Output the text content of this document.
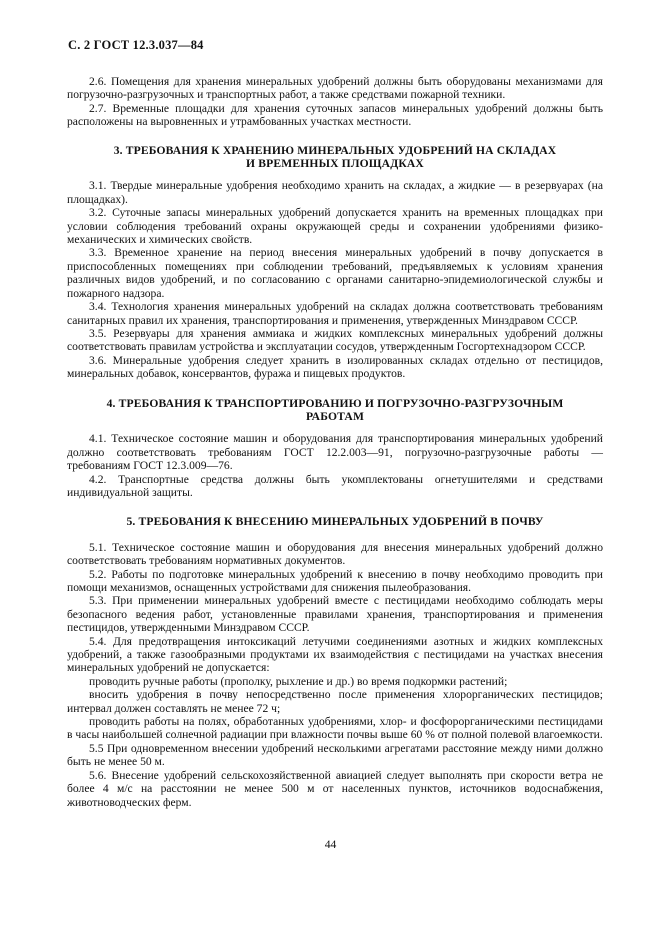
С. 2 ГОСТ 12.3.037—84

2.6. Помещения для хранения минеральных удобрений должны быть оборудованы механизмами для погрузочно-разгрузочных и транспортных работ, а также средствами пожарной техники.

2.7. Временные площадки для хранения суточных запасов минеральных удобрений должны быть расположены на выровненных и утрамбованных участках местности.

3. ТРЕБОВАНИЯ К ХРАНЕНИЮ МИНЕРАЛЬНЫХ УДОБРЕНИЙ НА СКЛАДАХ
И ВРЕМЕННЫХ ПЛОЩАДКАХ

3.1. Твердые минеральные удобрения необходимо хранить на складах, а жидкие — в резервуарах (на площадках).

3.2. Суточные запасы минеральных удобрений допускается хранить на временных площадках при условии соблюдения требований охраны окружающей среды и сохранении удобрениями физико-механических и химических свойств.

3.3. Временное хранение на период внесения минеральных удобрений в почву допускается в приспособленных помещениях при соблюдении требований, предъявляемых к условиям хранения различных видов удобрений, и по согласованию с органами санитарно-эпидемиологической службы и пожарного надзора.

3.4. Технология хранения минеральных удобрений на складах должна соответствовать требованиям санитарных правил их хранения, транспортирования и применения, утвержденных Минздравом СССР.

3.5. Резервуары для хранения аммиака и жидких комплексных минеральных удобрений должны соответствовать правилам устройства и эксплуатации сосудов, утвержденным Госгортехнадзором СССР.

3.6. Минеральные удобрения следует хранить в изолированных складах отдельно от пестицидов, минеральных добавок, консервантов, фуража и пищевых продуктов.

4. ТРЕБОВАНИЯ К ТРАНСПОРТИРОВАНИЮ И ПОГРУЗОЧНО-РАЗГРУЗОЧНЫМ
РАБОТАМ

4.1. Техническое состояние машин и оборудования для транспортирования минеральных удобрений должно соответствовать требованиям ГОСТ 12.2.003—91, погрузочно-разгрузочные работы — требованиям ГОСТ 12.3.009—76.

4.2. Транспортные средства должны быть укомплектованы огнетушителями и средствами индивидуальной защиты.

5. ТРЕБОВАНИЯ К ВНЕСЕНИЮ МИНЕРАЛЬНЫХ УДОБРЕНИЙ В ПОЧВУ

5.1. Техническое состояние машин и оборудования для внесения минеральных удобрений должно соответствовать требованиям нормативных документов.

5.2. Работы по подготовке минеральных удобрений к внесению в почву необходимо проводить при помощи механизмов, оснащенных устройствами для снижения пылеобразования.

5.3. При применении минеральных удобрений вместе с пестицидами необходимо соблюдать меры безопасного ведения работ, установленные правилами хранения, транспортирования и применения пестицидов, утвержденными Минздравом СССР.

5.4. Для предотвращения интоксикаций летучими соединениями азотных и жидких комплексных удобрений, а также газообразными продуктами их взаимодействия с пестицидами на участках внесения минеральных удобрений не допускается:

проводить ручные работы (прополку, рыхление и др.) во время подкормки растений;

вносить удобрения в почву непосредственно после применения хлорорганических пестицидов; интервал должен составлять не менее 72 ч;

проводить работы на полях, обработанных удобрениями, хлор- и фосфорорганическими пестицидами в часы наибольшей солнечной радиации при влажности почвы выше 60 % от полной полевой влагоемкости.

5.5 При одновременном внесении удобрений несколькими агрегатами расстояние между ними должно быть не менее 50 м.

5.6. Внесение удобрений сельскохозяйственной авиацией следует выполнять при скорости ветра не более 4 м/с на расстоянии не менее 500 м от населенных пунктов, источников водоснабжения, животноводческих ферм.

44
